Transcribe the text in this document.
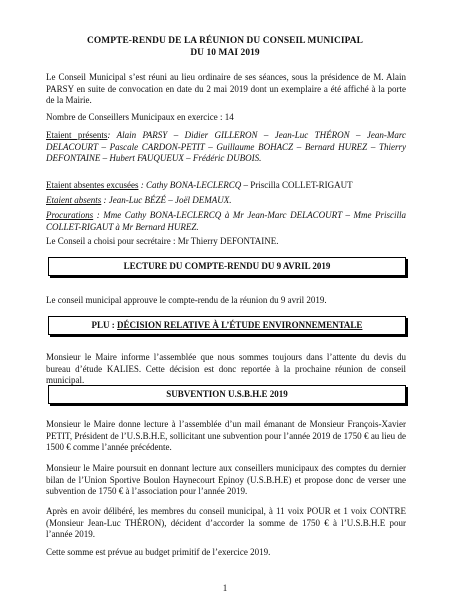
COMPTE-RENDU DE LA RÉUNION DU CONSEIL MUNICIPAL
DU 10 MAI 2019

Le Conseil Municipal s’est réuni au lieu ordinaire de ses séances, sous la présidence de M. Alain PARSY en suite de convocation en date du 2 mai 2019 dont un exemplaire a été affiché à la porte de la Mairie.

Nombre de Conseillers Municipaux en exercice : 14

Etaient présents: Alain PARSY – Didier GILLERON – Jean-Luc THÉRON – Jean-Marc DELACOURT – Pascale CARDON-PETIT – Guillaume BOHACZ – Bernard HUREZ – Thierry DEFONTAINE – Hubert FAUQUEUX – Frédéric DUBOIS.

Etaient absentes excusées : Cathy BONA-LECLERCQ – Priscilla COLLET-RIGAUT

Etaient absents : Jean-Luc BÉZÉ – Joël DEMAUX.

Procurations : Mme Cathy BONA-LECLERCQ à Mr Jean-Marc DELACOURT – Mme Priscilla COLLET-RIGAUT à Mr Bernard HUREZ.

Le Conseil a choisi pour secrétaire : Mr Thierry DEFONTAINE.

LECTURE DU COMPTE-RENDU DU 9 AVRIL 2019

Le conseil municipal approuve le compte-rendu de la réunion du 9 avril 2019.

PLU : DÉCISION RELATIVE À L’ÉTUDE ENVIRONNEMENTALE

Monsieur le Maire informe l’assemblée que nous sommes toujours dans l’attente du devis du bureau d’étude KALIES. Cette décision est donc reportée à la prochaine réunion de conseil municipal.

SUBVENTION U.S.B.H.E 2019

Monsieur le Maire donne lecture à l’assemblée d’un mail émanant de Monsieur François-Xavier PETIT, Président de l’U.S.B.H.E, sollicitant une subvention pour l’année 2019 de 1750 € au lieu de 1500 € comme l’année précédente.

Monsieur le Maire poursuit en donnant lecture aux conseillers municipaux des comptes du dernier bilan de l’Union Sportive Boulon Haynecourt Epinoy (U.S.B.H.E) et propose donc de verser une subvention de 1750 € à l’association pour l’année 2019.

Après en avoir délibéré, les membres du conseil municipal, à 11 voix POUR et 1 voix CONTRE (Monsieur Jean-Luc THÉRON), décident d’accorder la somme de 1750 € à l’U.S.B.H.E pour l’année 2019.

Cette somme est prévue au budget primitif de l’exercice 2019.

1
